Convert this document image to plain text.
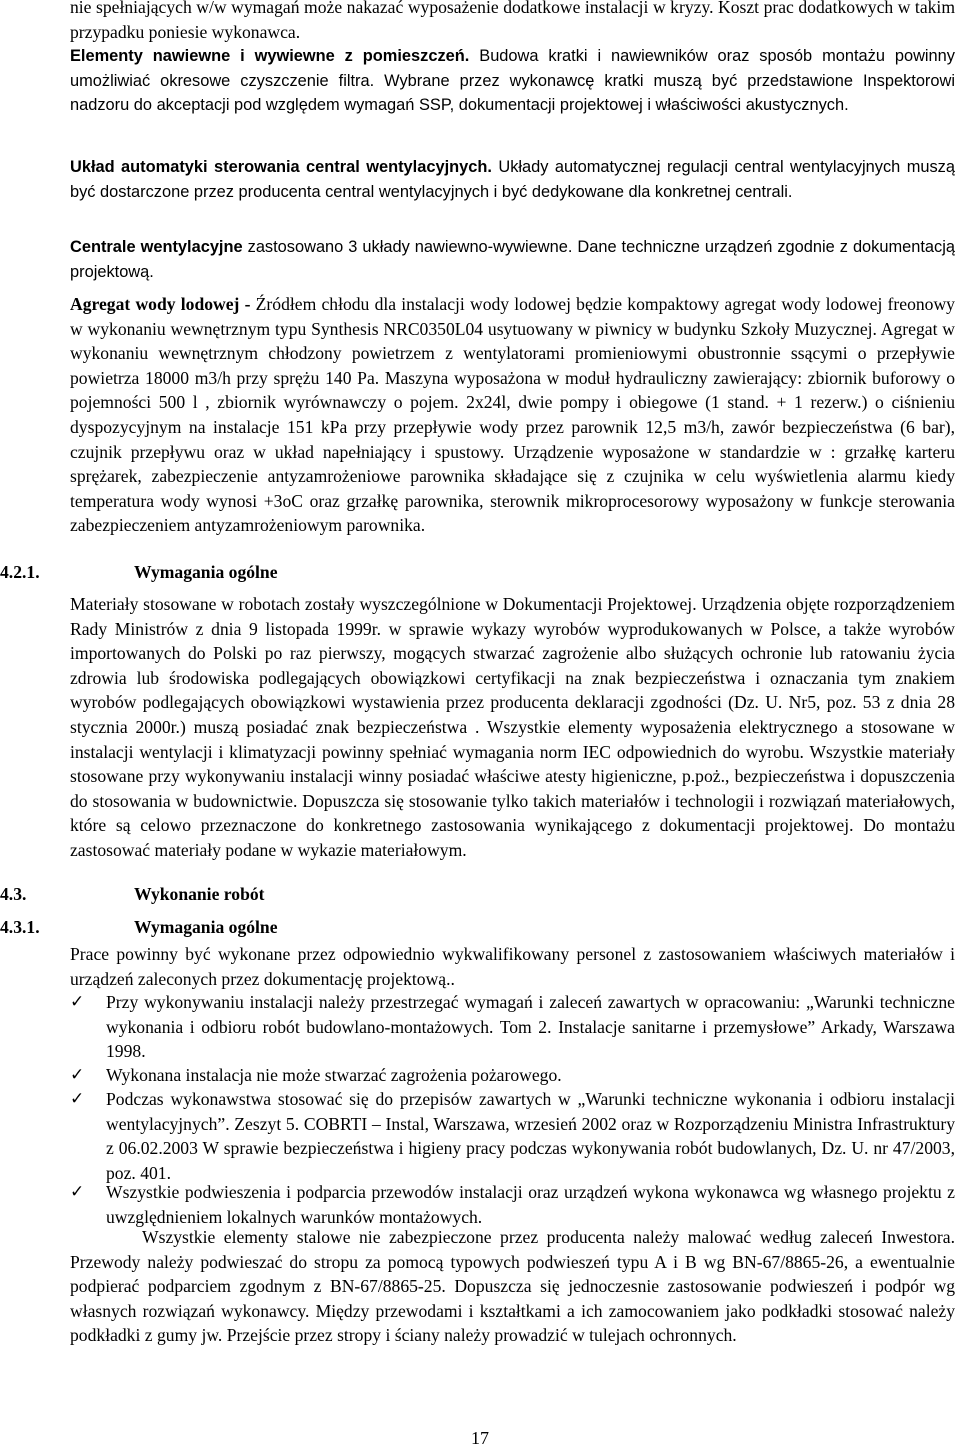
nie spełniających w/w wymagań może nakazać wyposażenie dodatkowe instalacji w kryzy. Koszt prac dodatkowych w takim przypadku poniesie wykonawca.

Elementy nawiewne i wywiewne z pomieszczeń. Budowa kratki i nawiewników oraz sposób montażu powinny umożliwiać okresowe czyszczenie filtra. Wybrane przez wykonawcę kratki muszą być przedstawione Inspektorowi nadzoru do akceptacji pod względem wymagań SSP, dokumentacji projektowej i właściwości akustycznych.

Układ automatyki sterowania central wentylacyjnych. Układy automatycznej regulacji central wentylacyjnych muszą być dostarczone przez producenta central wentylacyjnych i być dedykowane dla konkretnej centrali.

Centrale wentylacyjne zastosowano 3 układy nawiewno-wywiewne. Dane techniczne urządzeń zgodnie z dokumentacją projektową.

Agregat wody lodowej - Źródłem chłodu dla instalacji wody lodowej będzie kompaktowy agregat wody lodowej freonowy w wykonaniu wewnętrznym typu Synthesis NRC0350L04 usytuowany w piwnicy w budynku Szkoły Muzycznej. Agregat w wykonaniu wewnętrznym chłodzony powietrzem z wentylatorami promieniowymi obustronnie ssącymi o przepływie powietrza 18000 m3/h przy sprężu 140 Pa. Maszyna wyposażona w moduł hydrauliczny zawierający: zbiornik buforowy o pojemności 500 l , zbiornik wyrównawczy o pojem. 2x24l, dwie pompy i obiegowe (1 stand. + 1 rezerw.) o ciśnieniu dyspozycyjnym na instalacje 151 kPa przy przepływie wody przez parownik 12,5 m3/h, zawór bezpieczeństwa (6 bar), czujnik przepływu oraz w układ napełniający i spustowy. Urządzenie wyposażone w standardzie w : grzałkę karteru sprężarek, zabezpieczenie antyzamrożeniowe parownika składające się z czujnika w celu wyświetlenia alarmu kiedy temperatura wody wynosi +3oC oraz grzałkę parownika, sterownik mikroprocesorowy wyposażony w funkcje sterowania zabezpieczeniem antyzamrożeniowym parownika.

4.2.1.	Wymagania ogólne

Materiały stosowane w robotach zostały wyszczególnione w Dokumentacji Projektowej. Urządzenia objęte rozporządzeniem Rady Ministrów z dnia 9 listopada 1999r. w sprawie wykazy wyrobów wyprodukowanych w Polsce, a także wyrobów importowanych do Polski po raz pierwszy, mogących stwarzać zagrożenie albo służących ochronie lub ratowaniu życia zdrowia lub środowiska podlegających obowiązkowi certyfikacji na znak bezpieczeństwa i oznaczania tym znakiem wyrobów podlegających obowiązkowi wystawienia przez producenta deklaracji zgodności (Dz. U. Nr5, poz. 53 z dnia 28 stycznia 2000r.) muszą posiadać znak bezpieczeństwa . Wszystkie elementy wyposażenia elektrycznego a stosowane w instalacji wentylacji i klimatyzacji powinny spełniać wymagania norm IEC odpowiednich do wyrobu. Wszystkie materiały stosowane przy wykonywaniu instalacji winny posiadać właściwe atesty higieniczne, p.poż., bezpieczeństwa i dopuszczenia do stosowania w budownictwie. Dopuszcza się stosowanie tylko takich materiałów i technologii i rozwiązań materiałowych, które są celowo przeznaczone do konkretnego zastosowania wynikającego z dokumentacji projektowej. Do montażu zastosować materiały podane w wykazie materiałowym.

4.3.	Wykonanie robót
4.3.1.	Wymagania ogólne

Prace powinny być wykonane przez odpowiednio wykwalifikowany personel z zastosowaniem właściwych materiałów i urządzeń zaleconych przez dokumentację projektową..

✓ Przy wykonywaniu instalacji należy przestrzegać wymagań i zaleceń zawartych w opracowaniu: „Warunki techniczne wykonania i odbioru robót budowlano-montażowych. Tom 2. Instalacje sanitarne i przemysłowe” Arkady, Warszawa 1998.
✓ Wykonana instalacja nie może stwarzać zagrożenia pożarowego.
✓ Podczas wykonawstwa stosować się do przepisów zawartych w „Warunki techniczne wykonania i odbioru instalacji wentylacyjnych”. Zeszyt 5. COBRTI – Instal, Warszawa, wrzesień 2002 oraz w Rozporządzeniu Ministra Infrastruktury z 06.02.2003 W sprawie bezpieczeństwa i higieny pracy podczas wykonywania robót budowlanych, Dz. U. nr 47/2003, poz. 401.
✓ Wszystkie podwieszenia i podparcia przewodów instalacji oraz urządzeń wykona wykonawca wg własnego projektu z uwzględnieniem lokalnych warunków montażowych.

Wszystkie elementy stalowe nie zabezpieczone przez producenta należy malować według zaleceń Inwestora. Przewody należy podwieszać do stropu za pomocą typowych podwieszeń typu A i B wg BN-67/8865-26, a ewentualnie podpierać podparciem zgodnym z BN-67/8865-25. Dopuszcza się jednoczesnie zastosowanie podwieszeń i podpór wg własnych rozwiązań wykonawcy. Między przewodami i kształtkami a ich zamocowaniem jako podkładki stosować należy podkładki z gumy jw. Przejście przez stropy i ściany należy prowadzić w tulejach ochronnych.

17
